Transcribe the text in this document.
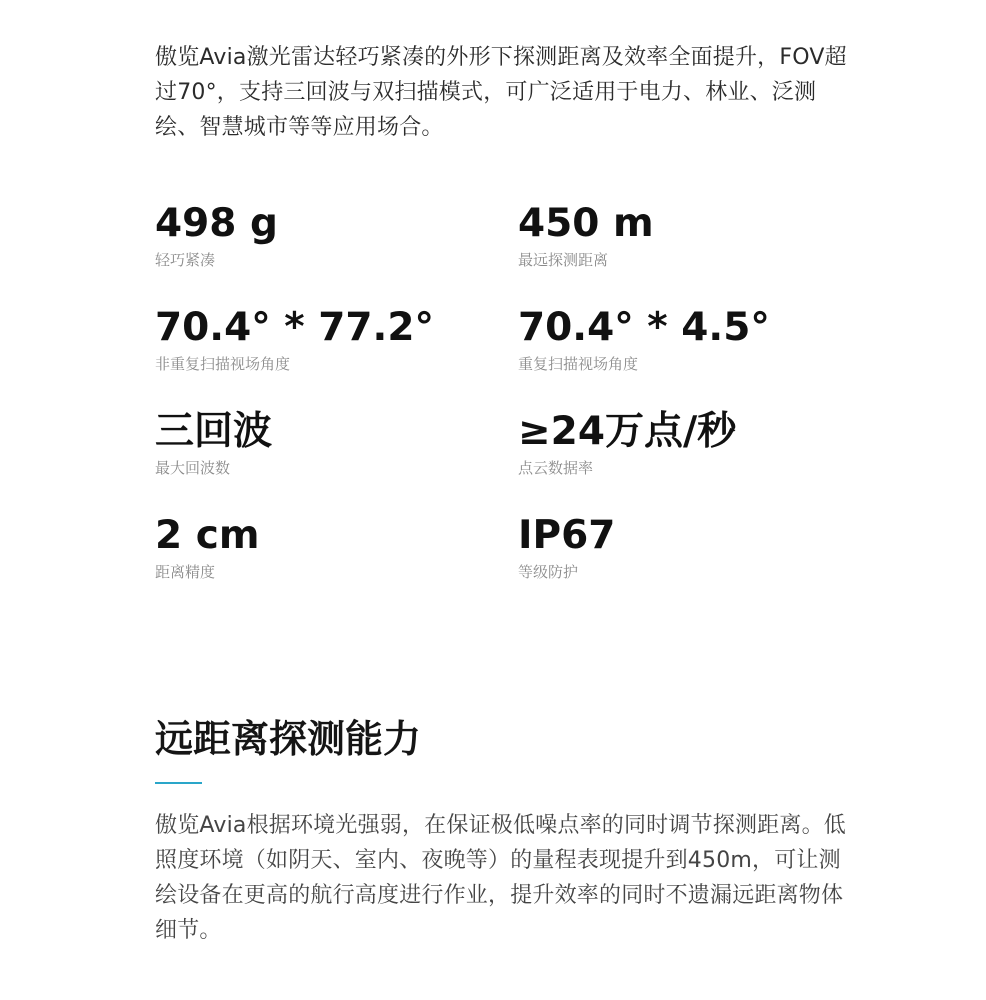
傲览Avia激光雷达轻巧紧凑的外形下探测距离及效率全面提升，FOV超过70°，支持三回波与双扫描模式，可广泛适用于电力、林业、泛测绘、智慧城市等等应用场合。

498 g
轻巧紧凑
450 m
最远探测距离
70.4° * 77.2°
非重复扫描视场角度
70.4° * 4.5°
重复扫描视场角度
三回波
最大回波数
≥24万点/秒
点云数据率
2 cm
距离精度
IP67
等级防护
远距离探测能力

傲览Avia根据环境光强弱，在保证极低噪点率的同时调节探测距离。低照度环境（如阴天、室内、夜晚等）的量程表现提升到450m，可让测绘设备在更高的航行高度进行作业，提升效率的同时不遗漏远距离物体细节。
